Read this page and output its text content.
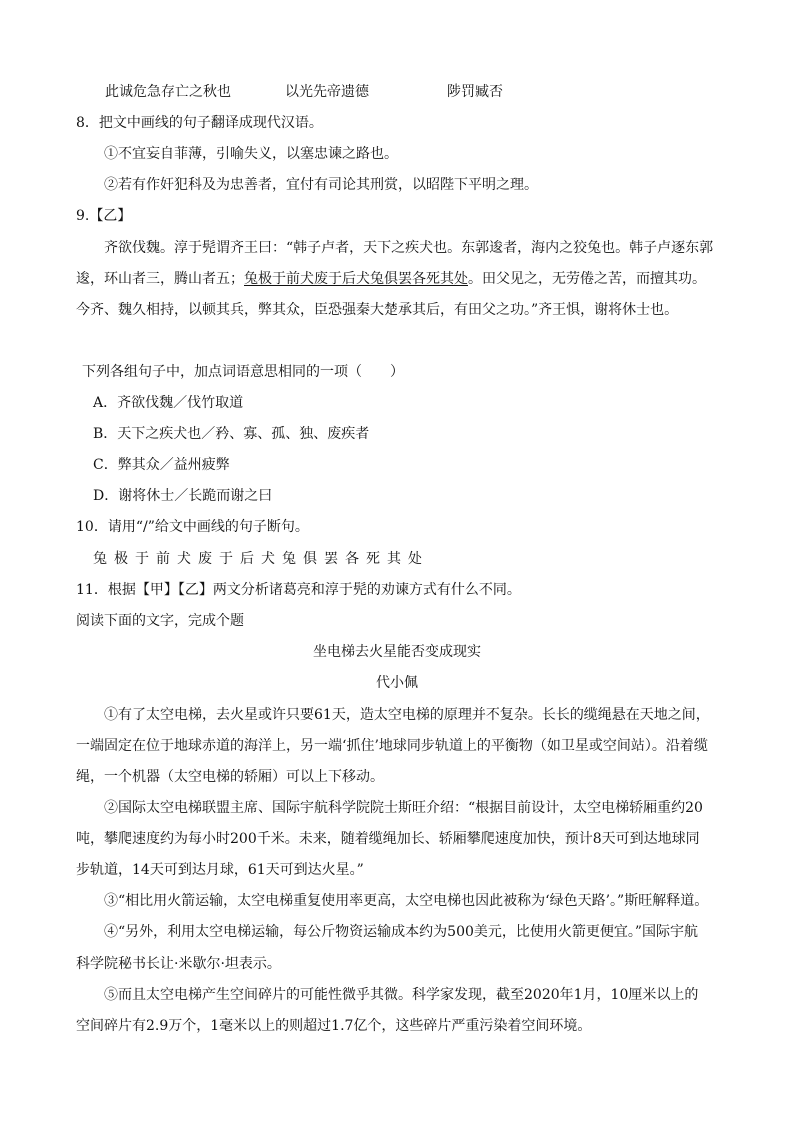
此诚危急存亡之秋也	以光先帝遗德	陟罚臧否
8．把文中画线的句子翻译成现代汉语。
①不宜妄自菲薄，引喻失义，以塞忠谏之路也。
②若有作奸犯科及为忠善者，宜付有司论其刑赏，以昭陛下平明之理。
9.【乙】
齐欲伐魏。淳于髡谓齐王曰：“韩子卢者，天下之疾犬也。东郭逡者，海内之狡兔也。韩子卢逐东郭
逡，环山者三，腾山者五；兔极于前犬废于后犬兔俱罢各死其处。田父见之，无劳倦之苦，而擅其功。
今齐、魏久相持，以顿其兵，弊其众，臣恐强秦大楚承其后，有田父之功。”齐王惧，谢将休士也。
下列各组句子中，加点词语意思相同的一项（　　）
A．齐欲伐魏／伐竹取道
B．天下之疾犬也／矜、寡、孤、独、废疾者
C．弊其众／益州疲弊
D．谢将休士／长跪而谢之曰
10．请用“/”给文中画线的句子断句。
兔极于前犬废于后犬兔俱罢各死其处
11．根据【甲】【乙】两文分析诸葛亮和淳于髡的劝谏方式有什么不同。
阅读下面的文字，完成个题
坐电梯去火星能否变成现实
代小佩
①有了太空电梯，去火星或许只要61天，造太空电梯的原理并不复杂。长长的缆绳悬在天地之间，
一端固定在位于地球赤道的海洋上，另一端‘抓住’地球同步轨道上的平衡物（如卫星或空间站）。沿着缆
绳，一个机器（太空电梯的轿厢）可以上下移动。
②国际太空电梯联盟主席、国际宇航科学院院士斯旺介绍：“根据目前设计，太空电梯轿厢重约20
吨，攀爬速度约为每小时200千米。未来，随着缆绳加长、轿厢攀爬速度加快，预计8天可到达地球同
步轨道，14天可到达月球，61天可到达火星。”
③“相比用火箭运输，太空电梯重复使用率更高，太空电梯也因此被称为‘绿色天路’。”斯旺解释道。
④“另外，利用太空电梯运输，每公斤物资运输成本约为500美元，比使用火箭更便宜。”国际宇航
科学院秘书长让·米歇尔·坦表示。
⑤而且太空电梯产生空间碎片的可能性微乎其微。科学家发现，截至2020年1月，10厘米以上的
空间碎片有2.9万个，1毫米以上的则超过1.7亿个，这些碎片严重污染着空间环境。
